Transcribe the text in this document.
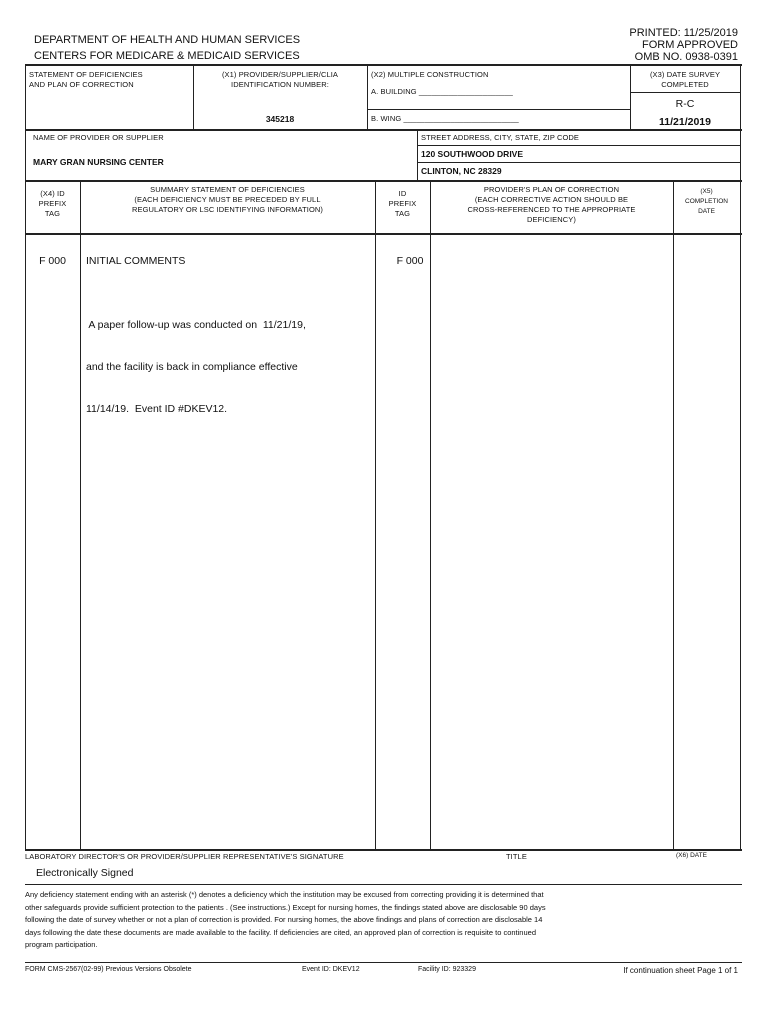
DEPARTMENT OF HEALTH AND HUMAN SERVICES
CENTERS FOR MEDICARE & MEDICAID SERVICES
PRINTED: 11/25/2019
FORM APPROVED
OMB NO. 0938-0391
STATEMENT OF DEFICIENCIES
AND PLAN OF CORRECTION
(X1) PROVIDER/SUPPLIER/CLIA
IDENTIFICATION NUMBER:
345218
(X2) MULTIPLE CONSTRUCTION
A. BUILDING ______________________
B. WING ___________________________
(X3) DATE SURVEY
COMPLETED
R-C
11/21/2019
NAME OF PROVIDER OR SUPPLIER
MARY GRAN NURSING CENTER
STREET ADDRESS, CITY, STATE, ZIP CODE
120 SOUTHWOOD DRIVE
CLINTON, NC 28329
(X4) ID
PREFIX
TAG
SUMMARY STATEMENT OF DEFICIENCIES
(EACH DEFICIENCY MUST BE PRECEDED BY FULL
REGULATORY OR LSC IDENTIFYING INFORMATION)
ID
PREFIX
TAG
PROVIDER'S PLAN OF CORRECTION
(EACH CORRECTIVE ACTION SHOULD BE
CROSS-REFERENCED TO THE APPROPRIATE
DEFICIENCY)
(X5)
COMPLETION
DATE
F 000	INITIAL COMMENTS	F 000

A paper follow-up was conducted on  11/21/19,

and the facility is back in compliance effective

11/14/19.  Event ID #DKEV12.

LABORATORY DIRECTOR'S OR PROVIDER/SUPPLIER REPRESENTATIVE'S SIGNATURE	TITLE	(X6) DATE
Electronically Signed
Any deficiency statement ending with an asterisk (*) denotes a deficiency which the institution may be excused from correcting providing it is determined that
other safeguards provide sufficient protection to the patients . (See instructions.) Except for nursing homes, the findings stated above are disclosable 90 days
following the date of survey whether or not a plan of correction is provided. For nursing homes, the above findings and plans of correction are disclosable 14
days following the date these documents are made available to the facility. If deficiencies are cited, an approved plan of correction is requisite to continued
program participation.
FORM CMS-2567(02-99) Previous Versions Obsolete	Event ID: DKEV12	Facility ID: 923329	If continuation sheet Page 1 of 1
